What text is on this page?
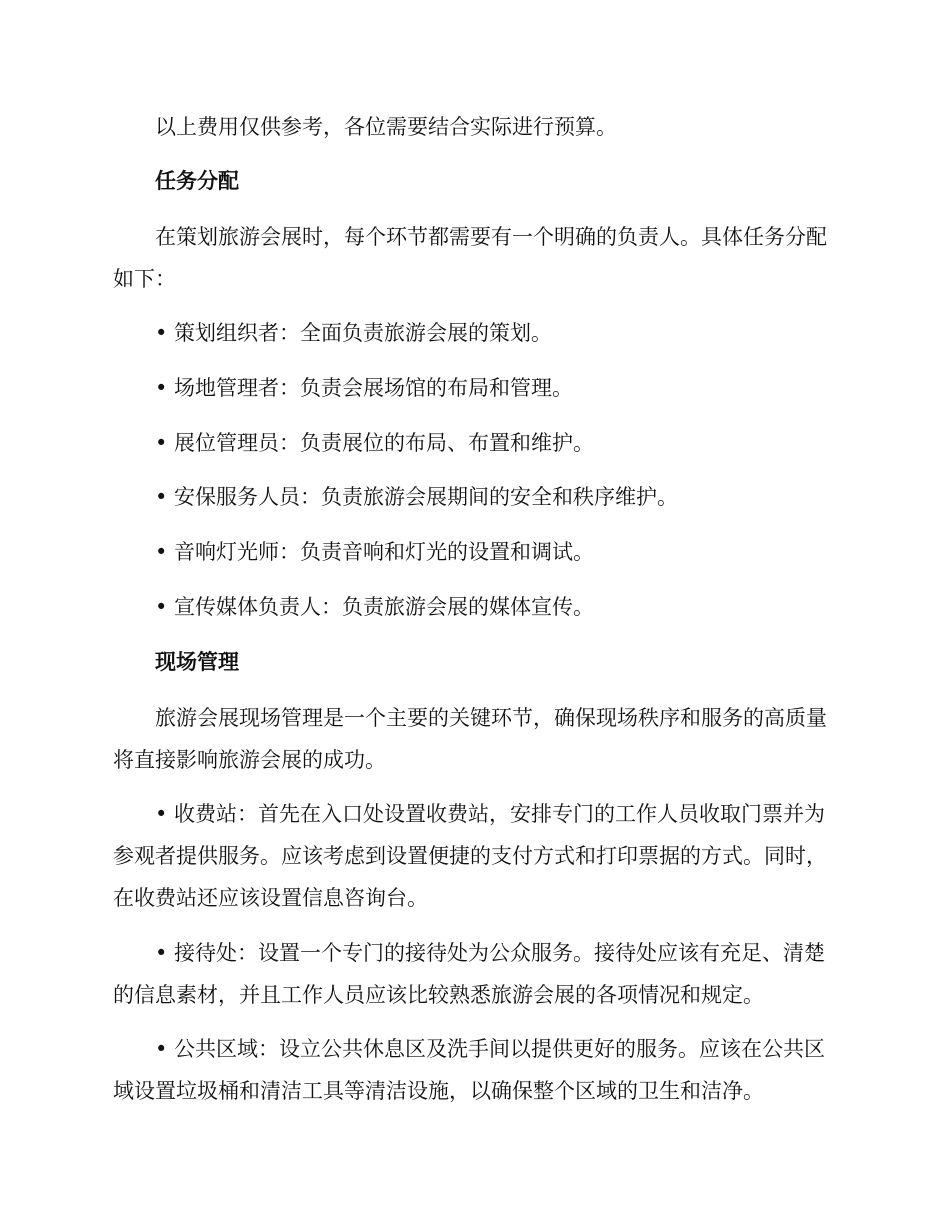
以上费用仅供参考，各位需要结合实际进行预算。

任务分配

在策划旅游会展时，每个环节都需要有一个明确的负责人。具体任务分配如下：

• 策划组织者：全面负责旅游会展的策划。

• 场地管理者：负责会展场馆的布局和管理。

• 展位管理员：负责展位的布局、布置和维护。

• 安保服务人员：负责旅游会展期间的安全和秩序维护。

• 音响灯光师：负责音响和灯光的设置和调试。

• 宣传媒体负责人：负责旅游会展的媒体宣传。

现场管理

旅游会展现场管理是一个主要的关键环节，确保现场秩序和服务的高质量将直接影响旅游会展的成功。

• 收费站：首先在入口处设置收费站，安排专门的工作人员收取门票并为参观者提供服务。应该考虑到设置便捷的支付方式和打印票据的方式。同时，在收费站还应该设置信息咨询台。

• 接待处：设置一个专门的接待处为公众服务。接待处应该有充足、清楚的信息素材，并且工作人员应该比较熟悉旅游会展的各项情况和规定。

• 公共区域：设立公共休息区及洗手间以提供更好的服务。应该在公共区域设置垃圾桶和清洁工具等清洁设施，以确保整个区域的卫生和洁净。
